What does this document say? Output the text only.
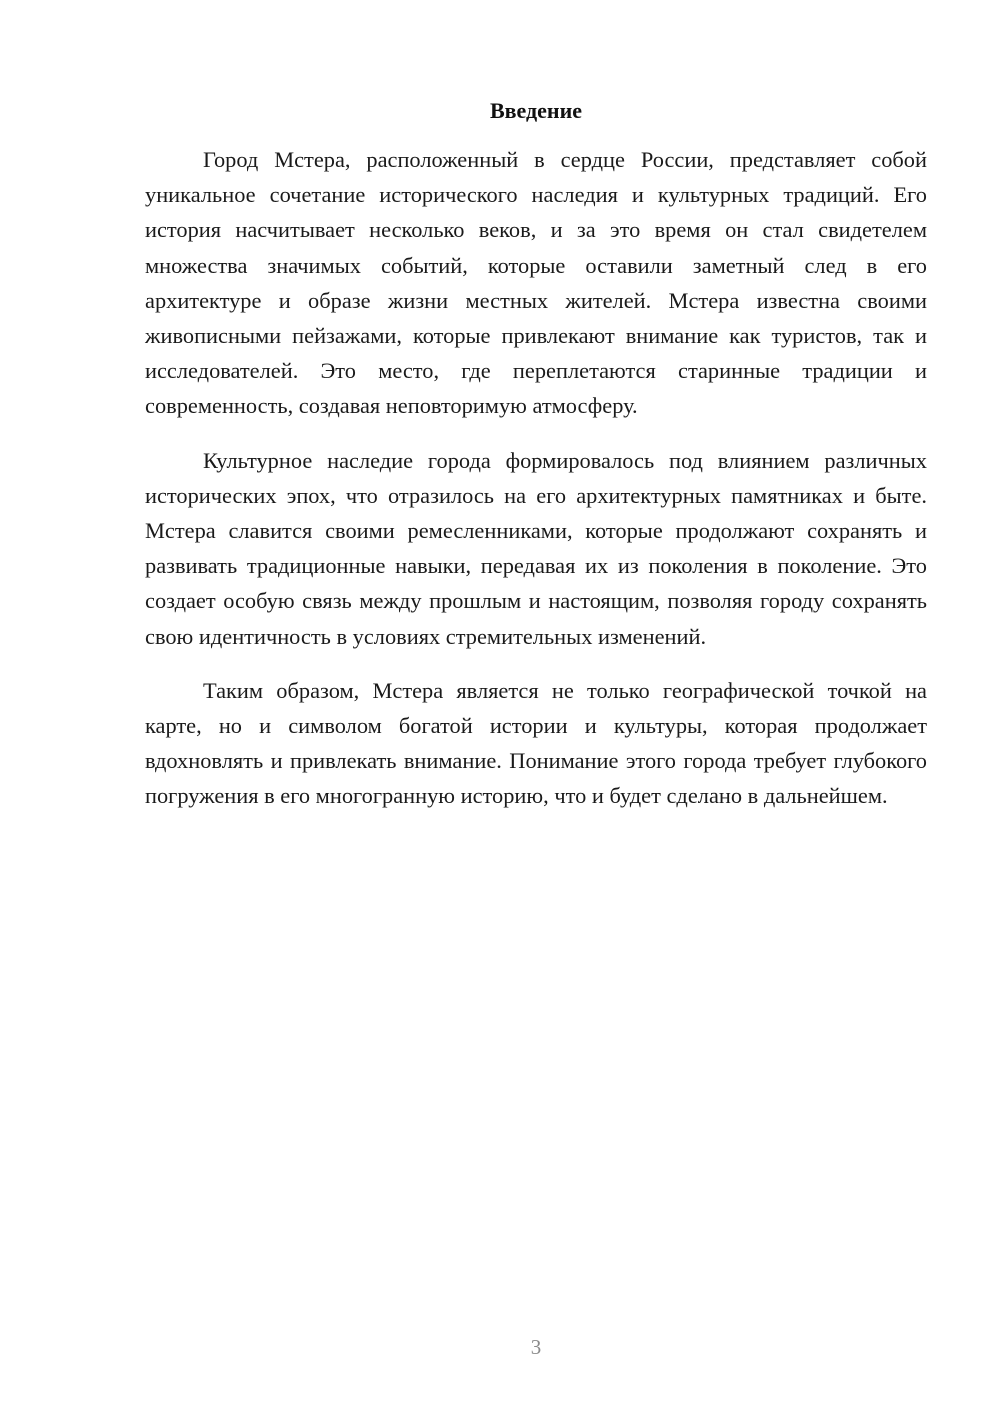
Введение

Город Мстера, расположенный в сердце России, представляет собой уникальное сочетание исторического наследия и культурных традиций. Его история насчитывает несколько веков, и за это время он стал свидетелем множества значимых событий, которые оставили заметный след в его архитектуре и образе жизни местных жителей. Мстера известна своими живописными пейзажами, которые привлекают внимание как туристов, так и исследователей. Это место, где переплетаются старинные традиции и современность, создавая неповторимую атмосферу.

Культурное наследие города формировалось под влиянием различных исторических эпох, что отразилось на его архитектурных памятниках и быте. Мстера славится своими ремесленниками, которые продолжают сохранять и развивать традиционные навыки, передавая их из поколения в поколение. Это создает особую связь между прошлым и настоящим, позволяя городу сохранять свою идентичность в условиях стремительных изменений.

Таким образом, Мстера является не только географической точкой на карте, но и символом богатой истории и культуры, которая продолжает вдохновлять и привлекать внимание. Понимание этого города требует глубокого погружения в его многогранную историю, что и будет сделано в дальнейшем.

3
